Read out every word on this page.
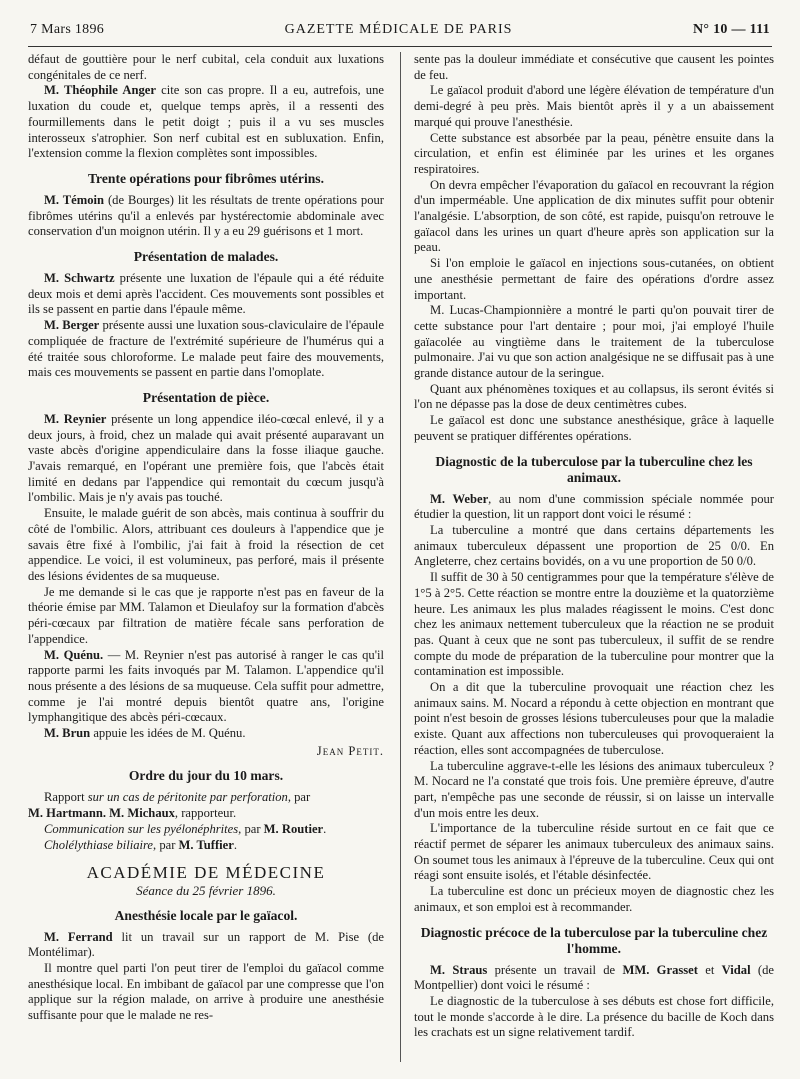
7 Mars 1896	GAZETTE MÉDICALE DE PARIS	N° 10 — 111

défaut de gouttière pour le nerf cubital, cela conduit aux luxations congénitales de ce nerf.

M. Théophile Anger cite son cas propre. Il a eu, autrefois, une luxation du coude et, quelque temps après, il a ressenti des fourmillements dans le petit doigt ; puis il a vu ses muscles interosseux s'atrophier. Son nerf cubital est en subluxation. Enfin, l'extension comme la flexion complètes sont impossibles.

Trente opérations pour fibrômes utérins.

M. Témoin (de Bourges) lit les résultats de trente opérations pour fibrômes utérins qu'il a enlevés par hystérectomie abdominale avec conservation d'un moignon utérin. Il y a eu 29 guérisons et 1 mort.

Présentation de malades.

M. Schwartz présente une luxation de l'épaule qui a été réduite deux mois et demi après l'accident. Ces mouvements sont possibles et ils se passent en partie dans l'épaule même.

M. Berger présente aussi une luxation sous-claviculaire de l'épaule compliquée de fracture de l'extrémité supérieure de l'humérus qui a été traitée sous chloroforme. Le malade peut faire des mouvements, mais ces mouvements se passent en partie dans l'omoplate.

Présentation de pièce.

M. Reynier présente un long appendice iléo-cœcal enlevé, il y a deux jours, à froid, chez un malade qui avait présenté auparavant un vaste abcès d'origine appendiculaire dans la fosse iliaque gauche. J'avais remarqué, en l'opérant une première fois, que l'abcès était limité en dedans par l'appendice qui remontait du cœcum jusqu'à l'ombilic. Mais je n'y avais pas touché.

Ensuite, le malade guérit de son abcès, mais continua à souffrir du côté de l'ombilic. Alors, attribuant ces douleurs à l'appendice que je savais être fixé à l'ombilic, j'ai fait à froid la résection de cet appendice. Le voici, il est volumineux, pas perforé, mais il présente des lésions évidentes de sa muqueuse.

Je me demande si le cas que je rapporte n'est pas en faveur de la théorie émise par MM. Talamon et Dieulafoy sur la formation d'abcès péri-cœcaux par filtration de matière fécale sans perforation de l'appendice.

M. Quénu. — M. Reynier n'est pas autorisé à ranger le cas qu'il rapporte parmi les faits invoqués par M. Talamon. L'appendice qu'il nous présente a des lésions de sa muqueuse. Cela suffit pour admettre, comme je l'ai montré depuis bientôt quatre ans, l'origine lymphangitique des abcès péri-cœcaux.

M. Brun appuie les idées de M. Quénu.

Jean Petit.
Ordre du jour du 10 mars.

Rapport sur un cas de péritonite par perforation, par
M. Hartmann. M. Michaux, rapporteur.

Communication sur les pyélonéphrites, par M. Routier.

Cholélythiase biliaire, par M. Tuffier.

ACADÉMIE DE MÉDECINE
Séance du 25 février 1896.
Anesthésie locale par le gaïacol.

M. Ferrand lit un travail sur un rapport de M. Pise (de Montélimar).

Il montre quel parti l'on peut tirer de l'emploi du gaïacol comme anesthésique local. En imbibant de gaïacol par une compresse que l'on applique sur la région malade, on arrive à produire une anesthésie suffisante pour que le malade ne res-

sente pas la douleur immédiate et consécutive que causent les pointes de feu.

Le gaïacol produit d'abord une légère élévation de température d'un demi-degré à peu près. Mais bientôt après il y a un abaissement marqué qui prouve l'anesthésie.

Cette substance est absorbée par la peau, pénètre ensuite dans la circulation, et enfin est éliminée par les urines et les organes respiratoires.

On devra empêcher l'évaporation du gaïacol en recouvrant la région d'un imperméable. Une application de dix minutes suffit pour obtenir l'analgésie. L'absorption, de son côté, est rapide, puisqu'on retrouve le gaïacol dans les urines un quart d'heure après son application sur la peau.

Si l'on emploie le gaïacol en injections sous-cutanées, on obtient une anesthésie permettant de faire des opérations d'ordre assez important.

M. Lucas-Championnière a montré le parti qu'on pouvait tirer de cette substance pour l'art dentaire ; pour moi, j'ai employé l'huile gaïacolée au vingtième dans le traitement de la tuberculose pulmonaire. J'ai vu que son action analgésique ne se diffusait pas à une grande distance autour de la seringue.

Quant aux phénomènes toxiques et au collapsus, ils seront évités si l'on ne dépasse pas la dose de deux centimètres cubes.

Le gaïacol est donc une substance anesthésique, grâce à laquelle peuvent se pratiquer différentes opérations.

Diagnostic de la tuberculose par la tuberculine chez les animaux.

M. Weber, au nom d'une commission spéciale nommée pour étudier la question, lit un rapport dont voici le résumé :

La tuberculine a montré que dans certains départements les animaux tuberculeux dépassent une proportion de 25 0/0. En Angleterre, chez certains bovidés, on a vu une proportion de 50 0/0.

Il suffit de 30 à 50 centigrammes pour que la température s'élève de 1°5 à 2°5. Cette réaction se montre entre la douzième et la quatorzième heure. Les animaux les plus malades réagissent le moins. C'est donc chez les animaux nettement tuberculeux que la réaction ne se produit pas. Quant à ceux que ne sont pas tuberculeux, il suffit de se rendre compte du mode de préparation de la tuberculine pour montrer que la contamination est impossible.

On a dit que la tuberculine provoquait une réaction chez les animaux sains. M. Nocard a répondu à cette objection en montrant que point n'est besoin de grosses lésions tuberculeuses pour que la maladie existe. Quant aux affections non tuberculeuses qui provoqueraient la réaction, elles sont accompagnées de tuberculose.

La tuberculine aggrave-t-elle les lésions des animaux tuberculeux ? M. Nocard ne l'a constaté que trois fois. Une première épreuve, d'autre part, n'empêche pas une seconde de réussir, si on laisse un intervalle d'un mois entre les deux.

L'importance de la tuberculine réside surtout en ce fait que ce réactif permet de séparer les animaux tuberculeux des animaux sains. On soumet tous les animaux à l'épreuve de la tuberculine. Ceux qui ont réagi sont ensuite isolés, et l'étable désinfectée.

La tuberculine est donc un précieux moyen de diagnostic chez les animaux, et son emploi est à recommander.

Diagnostic précoce de la tuberculose par la tuberculine chez l'homme.

M. Straus présente un travail de MM. Grasset et Vidal (de Montpellier) dont voici le résumé :

Le diagnostic de la tuberculose à ses débuts est chose fort difficile, tout le monde s'accorde à le dire. La présence du bacille de Koch dans les crachats est un signe relativement tardif.
